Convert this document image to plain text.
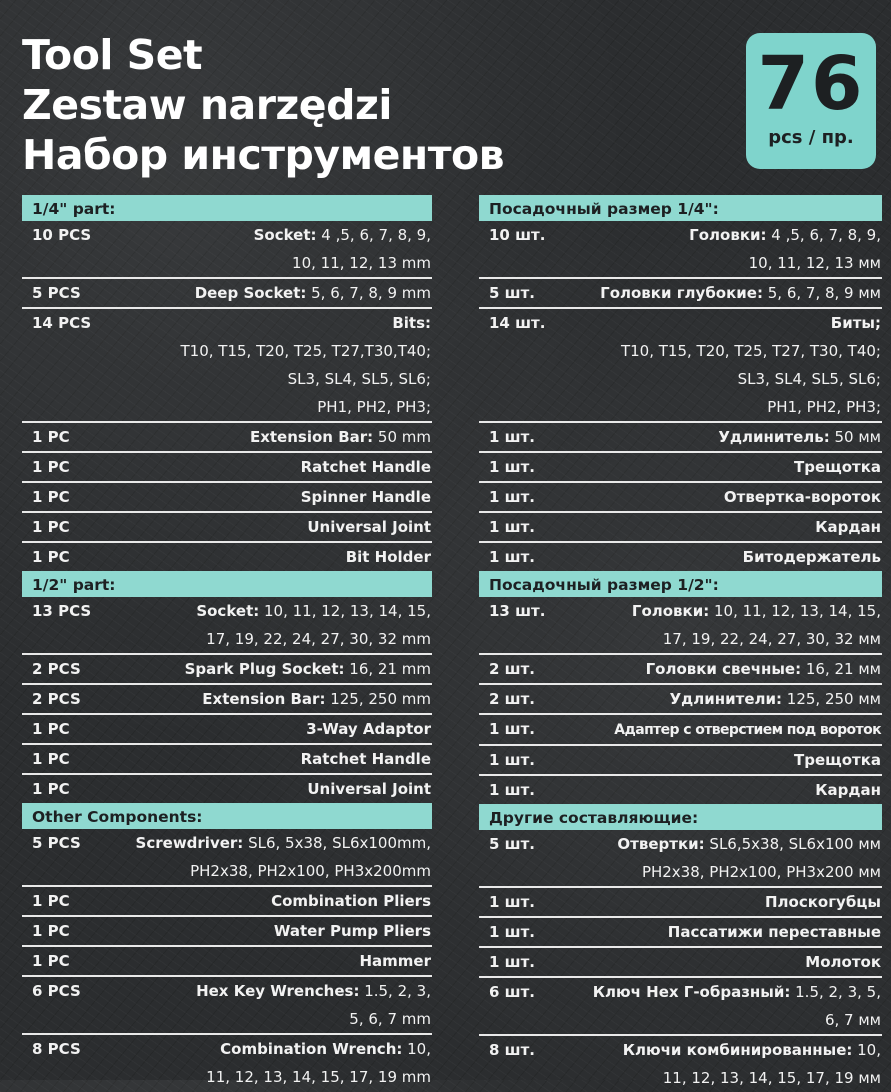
Tool Set
Zestaw narzędzi
Набор инструментов
76
pcs / пр.
1/4" part:
10 PCS	Socket: 4 ,5, 6, 7, 8, 9,
10, 11, 12, 13 mm
5 PCS	Deep Socket: 5, 6, 7, 8, 9 mm
14 PCS	Bits:
T10, T15, T20, T25, T27,T30,T40;
SL3, SL4, SL5, SL6;
PH1, PH2, PH3;
1 PC	Extension Bar: 50 mm
1 PC	Ratchet Handle
1 PC	Spinner Handle
1 PC	Universal Joint
1 PC	Bit Holder
1/2" part:
13 PCS	Socket: 10, 11, 12, 13, 14, 15,
17, 19, 22, 24, 27, 30, 32 mm
2 PCS	Spark Plug Socket: 16, 21 mm
2 PCS	Extension Bar: 125, 250 mm
1 PC	3-Way Adaptor
1 PC	Ratchet Handle
1 PC	Universal Joint
Other Components:
5 PCS	Screwdriver: SL6, 5x38, SL6x100mm,
PH2x38, PH2x100, PH3x200mm
1 PC	Combination Pliers
1 PC	Water Pump Pliers
1 PC	Hammer
6 PCS	Hex Key Wrenches: 1.5, 2, 3,
5, 6, 7 mm
8 PCS	Combination Wrench: 10,
11, 12, 13, 14, 15, 17, 19 mm
Посадочный размер 1/4":
10 шт.	Головки: 4 ,5, 6, 7, 8, 9,
10, 11, 12, 13 мм
5 шт.	Головки глубокие: 5, 6, 7, 8, 9 мм
14 шт.	Биты;
T10, T15, T20, T25, T27, T30, T40;
SL3, SL4, SL5, SL6;
PH1, PH2, PH3;
1 шт.	Удлинитель: 50 мм
1 шт.	Трещотка
1 шт.	Отвертка-вороток
1 шт.	Кардан
1 шт.	Битодержатель
Посадочный размер 1/2":
13 шт.	Головки: 10, 11, 12, 13, 14, 15,
17, 19, 22, 24, 27, 30, 32 мм
2 шт.	Головки свечные: 16, 21 мм
2 шт.	Удлинители: 125, 250 мм
1 шт.	Адаптер с отверстием под вороток
1 шт.	Трещотка
1 шт.	Кардан
Другие составляющие:
5 шт.	Отвертки: SL6,5x38, SL6x100 мм
PH2x38, PH2x100, PH3x200 мм
1 шт.	Плоскогубцы
1 шт.	Пассатижи переставные
1 шт.	Молоток
6 шт.	Ключ Hex Г-образный: 1.5, 2, 3, 5,
6, 7 мм
8 шт.	Ключи комбинированные: 10,
11, 12, 13, 14, 15, 17, 19 мм
